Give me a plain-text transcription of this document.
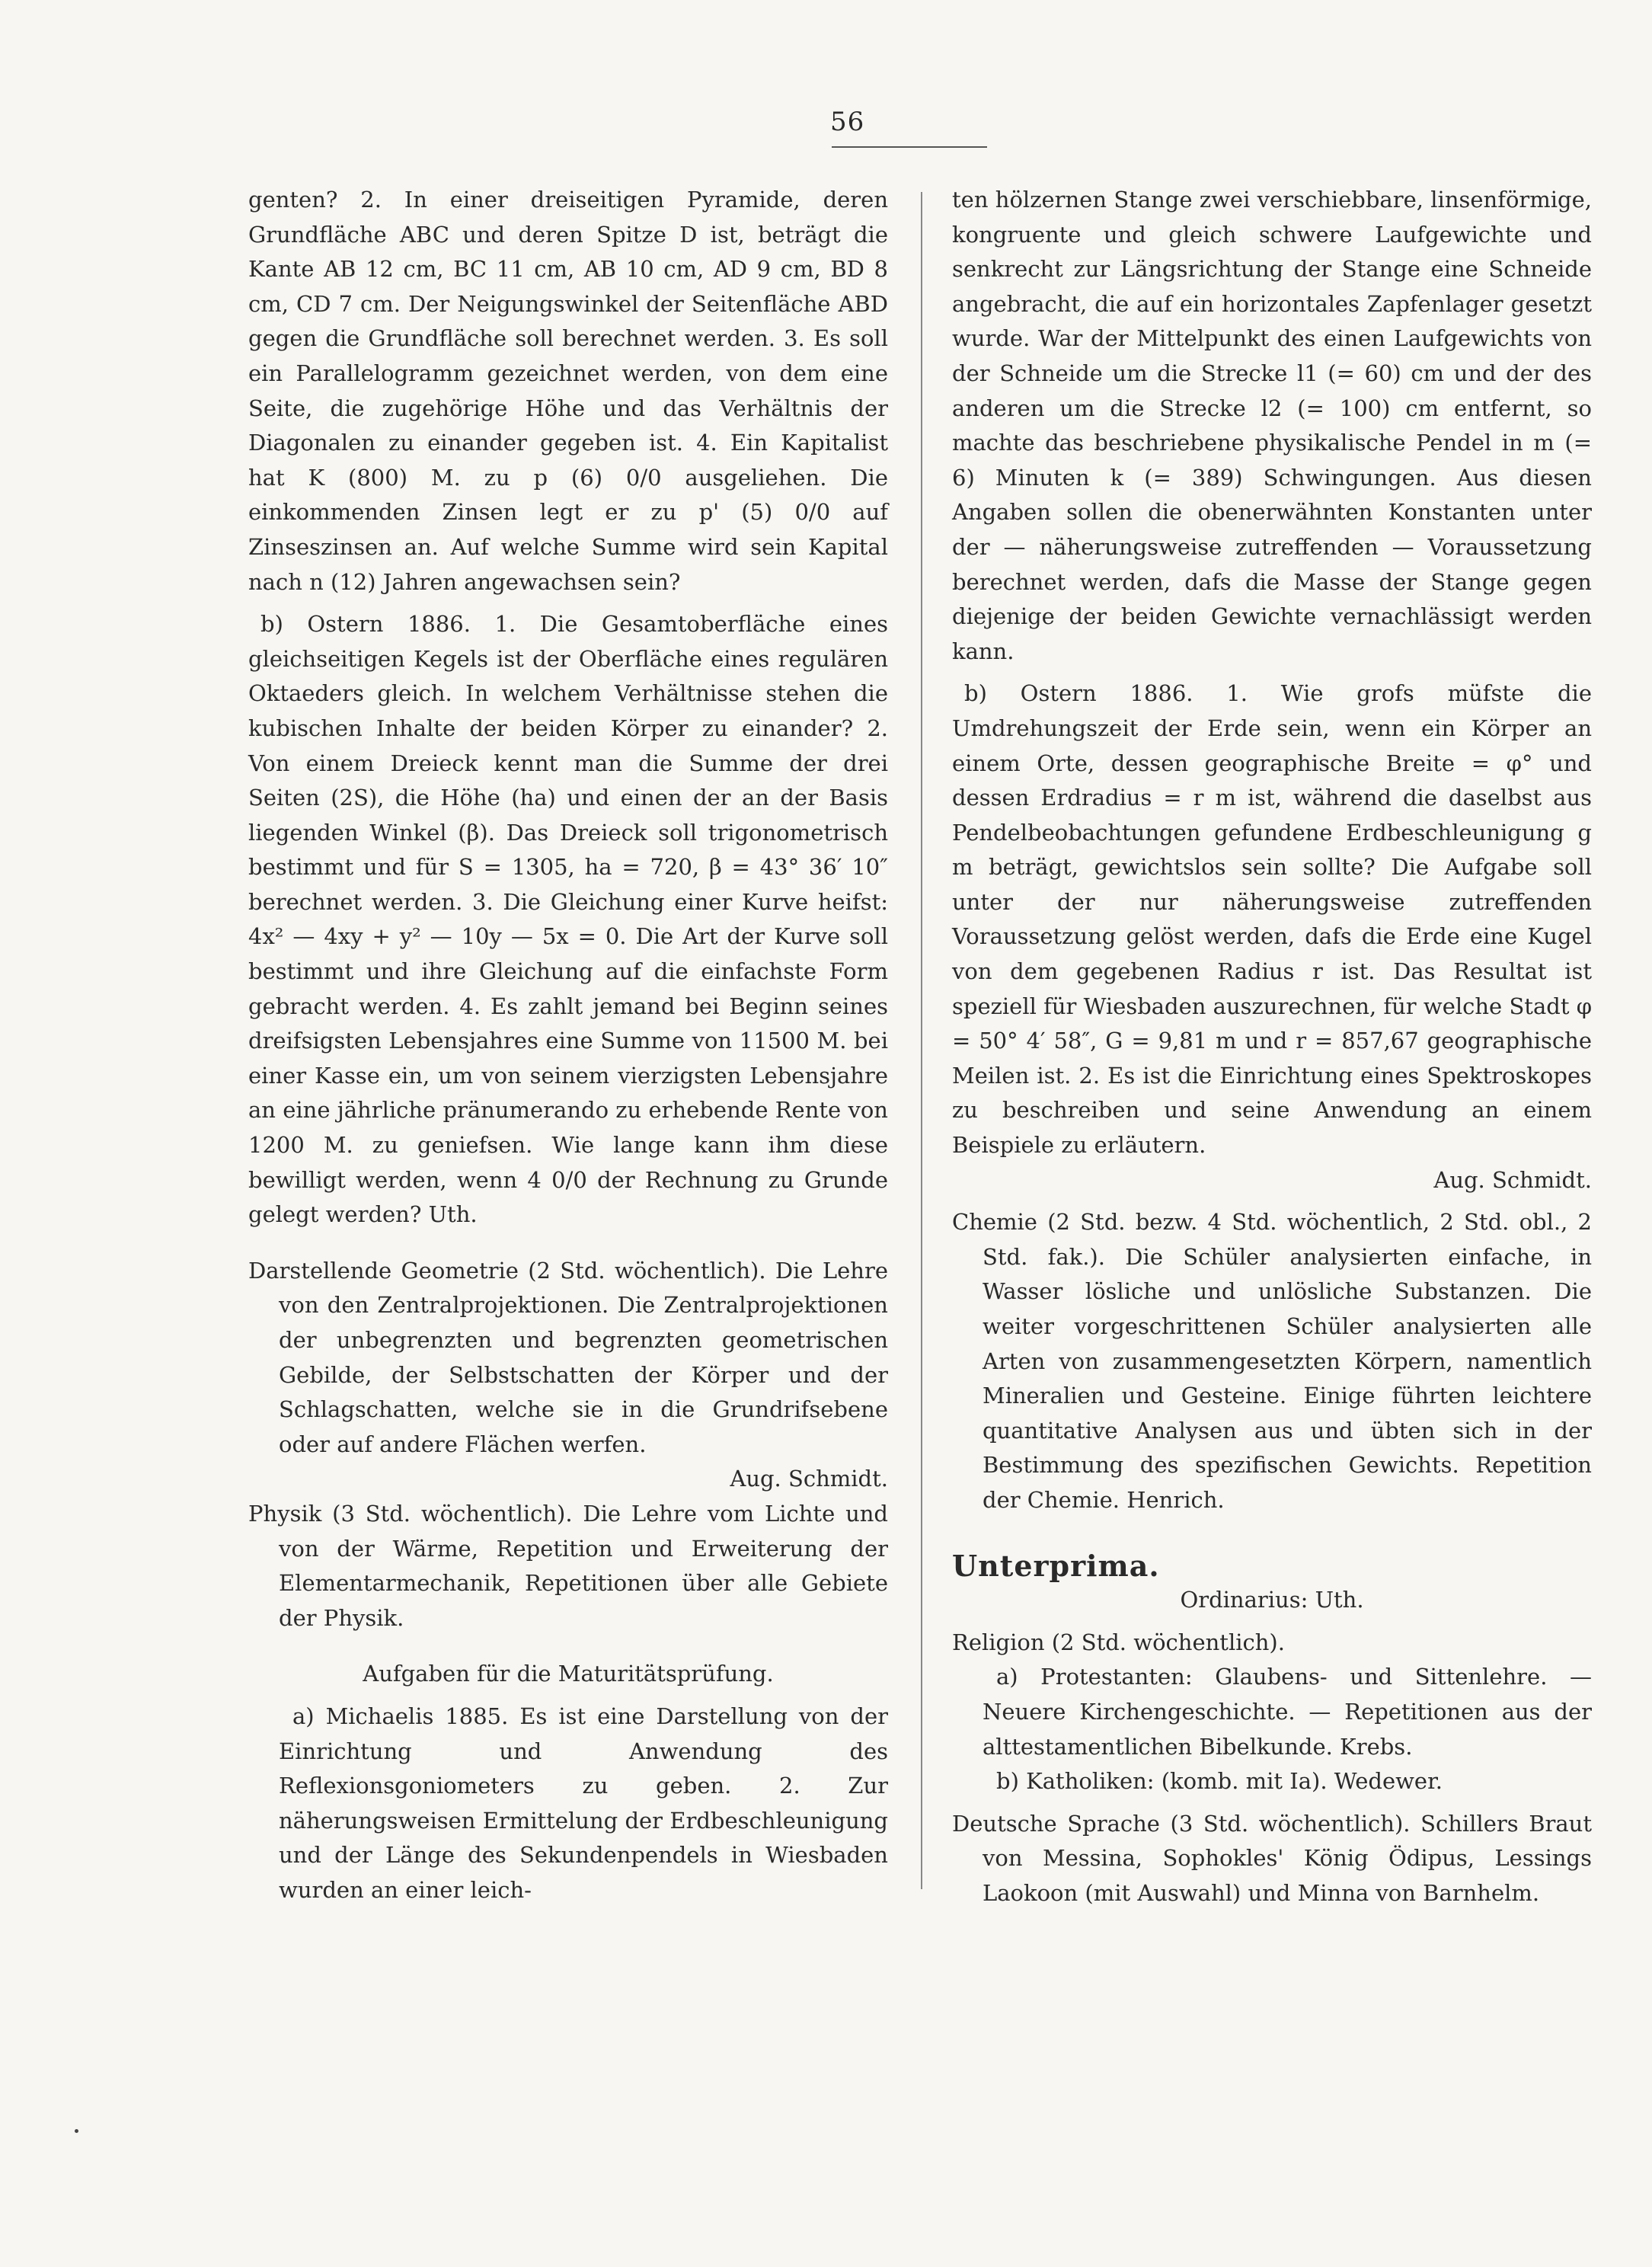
56

genten? 2. In einer dreiseitigen Pyramide, deren Grundfläche ABC und deren Spitze D ist, beträgt die Kante AB 12 cm, BC 11 cm, AB 10 cm, AD 9 cm, BD 8 cm, CD 7 cm. Der Neigungswinkel der Seitenfläche ABD gegen die Grundfläche soll berechnet werden. 3. Es soll ein Parallelogramm gezeichnet werden, von dem eine Seite, die zugehörige Höhe und das Verhältnis der Diagonalen zu einander gegeben ist. 4. Ein Kapitalist hat K (800) M. zu p (6) 0/0 ausgeliehen. Die einkommenden Zinsen legt er zu p' (5) 0/0 auf Zinseszinsen an. Auf welche Summe wird sein Kapital nach n (12) Jahren angewachsen sein?

b) Ostern 1886. 1. Die Gesamtoberfläche eines gleichseitigen Kegels ist der Oberfläche eines regulären Oktaeders gleich. In welchem Verhältnisse stehen die kubischen Inhalte der beiden Körper zu einander? 2. Von einem Dreieck kennt man die Summe der drei Seiten (2S), die Höhe (ha) und einen der an der Basis liegenden Winkel (β). Das Dreieck soll trigonometrisch bestimmt und für S = 1305, ha = 720, β = 43° 36′ 10″ berechnet werden. 3. Die Gleichung einer Kurve heifst: 4x² — 4xy + y² — 10y — 5x = 0. Die Art der Kurve soll bestimmt und ihre Gleichung auf die einfachste Form gebracht werden. 4. Es zahlt jemand bei Beginn seines dreifsigsten Lebensjahres eine Summe von 11500 M. bei einer Kasse ein, um von seinem vierzigsten Lebensjahre an eine jährliche pränumerando zu erhebende Rente von 1200 M. zu geniefsen. Wie lange kann ihm diese bewilligt werden, wenn 4 0/0 der Rechnung zu Grunde gelegt werden? Uth.

Darstellende Geometrie (2 Std. wöchentlich). Die Lehre von den Zentralprojektionen. Die Zentralprojektionen der unbegrenzten und begrenzten geometrischen Gebilde, der Selbstschatten der Körper und der Schlagschatten, welche sie in die Grundrifsebene oder auf andere Flächen werfen.

Aug. Schmidt.

Physik (3 Std. wöchentlich). Die Lehre vom Lichte und von der Wärme, Repetition und Erweiterung der Elementarmechanik, Repetitionen über alle Gebiete der Physik.

Aufgaben für die Maturitätsprüfung.

a) Michaelis 1885. Es ist eine Darstellung von der Einrichtung und Anwendung des Reflexionsgoniometers zu geben. 2. Zur näherungsweisen Ermittelung der Erdbeschleunigung und der Länge des Sekundenpendels in Wiesbaden wurden an einer leich-

ten hölzernen Stange zwei verschiebbare, linsenförmige, kongruente und gleich schwere Laufgewichte und senkrecht zur Längsrichtung der Stange eine Schneide angebracht, die auf ein horizontales Zapfenlager gesetzt wurde. War der Mittelpunkt des einen Laufgewichts von der Schneide um die Strecke l1 (= 60) cm und der des anderen um die Strecke l2 (= 100) cm entfernt, so machte das beschriebene physikalische Pendel in m (= 6) Minuten k (= 389) Schwingungen. Aus diesen Angaben sollen die obenerwähnten Konstanten unter der — näherungsweise zutreffenden — Voraussetzung berechnet werden, dafs die Masse der Stange gegen diejenige der beiden Gewichte vernachlässigt werden kann.

b) Ostern 1886. 1. Wie grofs müfste die Umdrehungszeit der Erde sein, wenn ein Körper an einem Orte, dessen geographische Breite = φ° und dessen Erdradius = r m ist, während die daselbst aus Pendelbeobachtungen gefundene Erdbeschleunigung g m beträgt, gewichtslos sein sollte? Die Aufgabe soll unter der nur näherungsweise zutreffenden Voraussetzung gelöst werden, dafs die Erde eine Kugel von dem gegebenen Radius r ist. Das Resultat ist speziell für Wiesbaden auszurechnen, für welche Stadt φ = 50° 4′ 58″, G = 9,81 m und r = 857,67 geographische Meilen ist. 2. Es ist die Einrichtung eines Spektroskopes zu beschreiben und seine Anwendung an einem Beispiele zu erläutern.

Aug. Schmidt.

Chemie (2 Std. bezw. 4 Std. wöchentlich, 2 Std. obl., 2 Std. fak.). Die Schüler analysierten einfache, in Wasser lösliche und unlösliche Substanzen. Die weiter vorgeschrittenen Schüler analysierten alle Arten von zusammengesetzten Körpern, namentlich Mineralien und Gesteine. Einige führten leichtere quantitative Analysen aus und übten sich in der Bestimmung des spezifischen Gewichts. Repetition der Chemie. Henrich.

Unterprima.

Ordinarius: Uth.

Religion (2 Std. wöchentlich).

a) Protestanten: Glaubens- und Sittenlehre. — Neuere Kirchengeschichte. — Repetitionen aus der alttestamentlichen Bibelkunde. Krebs.

b) Katholiken: (komb. mit Ia). Wedewer.

Deutsche Sprache (3 Std. wöchentlich). Schillers Braut von Messina, Sophokles' König Ödipus, Lessings Laokoon (mit Auswahl) und Minna von Barnhelm.
